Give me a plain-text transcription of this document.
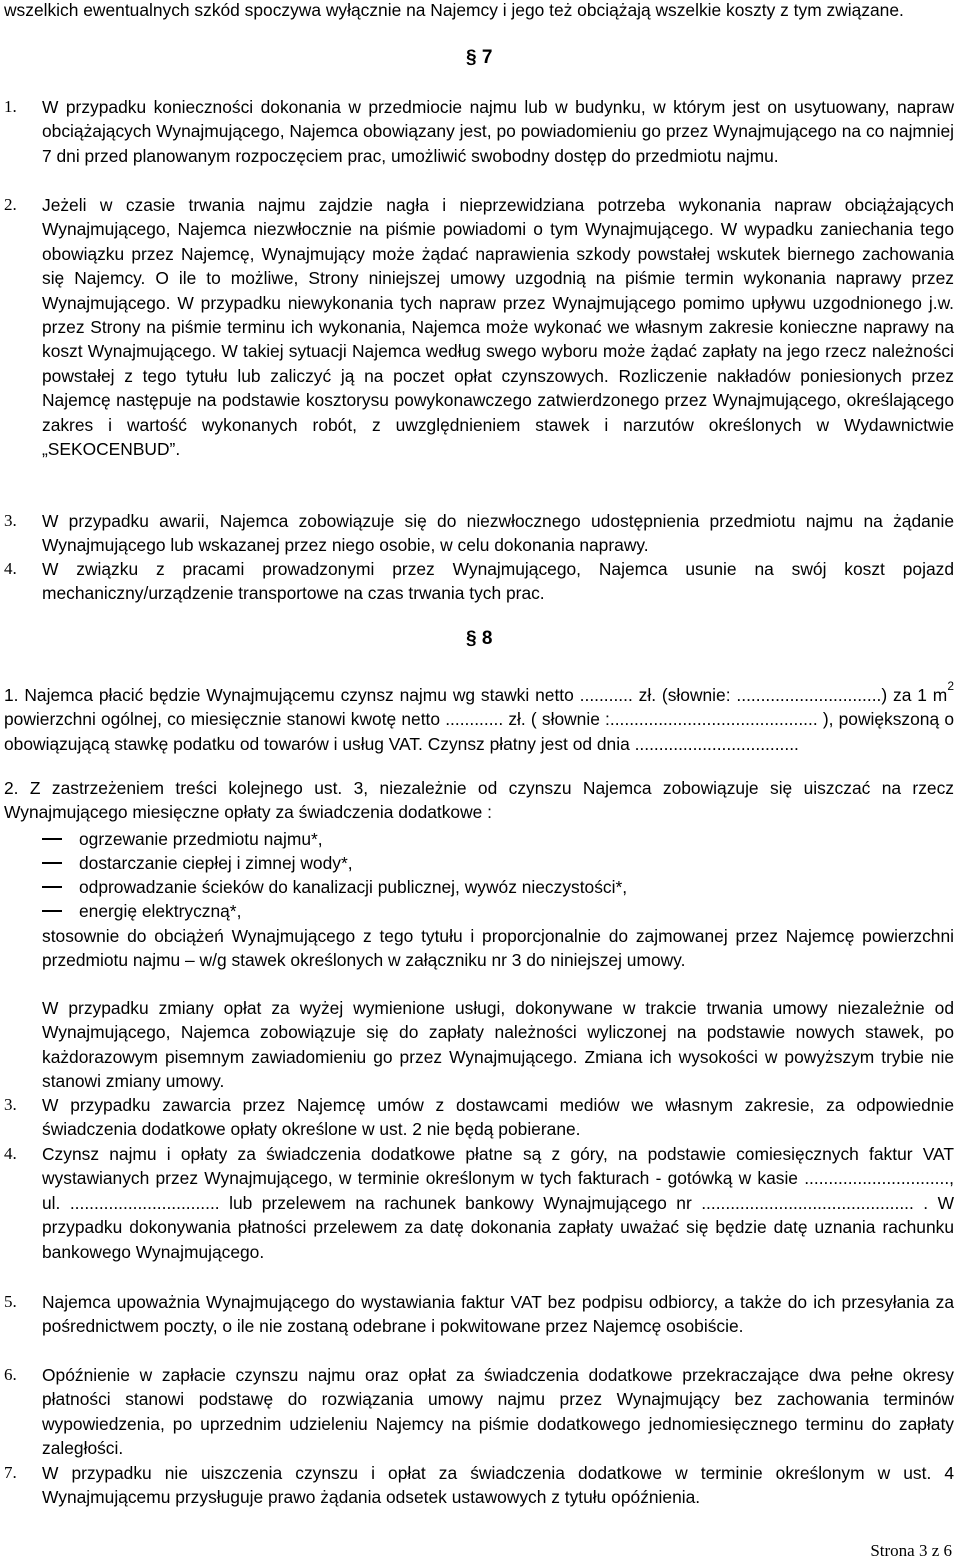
wszelkich ewentualnych szkód spoczywa wyłącznie na Najemcy i jego też obciążają wszelkie koszty z tym związane.

§ 7
1. W przypadku konieczności dokonania w przedmiocie najmu lub w budynku, w którym jest on usytuowany, napraw obciążających Wynajmującego, Najemca obowiązany jest, po powiadomieniu go przez Wynajmującego na co najmniej 7 dni przed planowanym rozpoczęciem prac, umożliwić swobodny dostęp do przedmiotu najmu.

2. Jeżeli w czasie trwania najmu zajdzie nagła i nieprzewidziana potrzeba wykonania napraw obciążających Wynajmującego, Najemca niezwłocznie na piśmie powiadomi o tym Wynajmującego. W wypadku zaniechania tego obowiązku przez Najemcę, Wynajmujący może żądać naprawienia szkody powstałej wskutek biernego zachowania się Najemcy. O ile to możliwe, Strony niniejszej umowy uzgodnią na piśmie termin wykonania naprawy przez Wynajmującego. W przypadku niewykonania tych napraw przez Wynajmującego pomimo upływu uzgodnionego j.w. przez Strony na piśmie terminu ich wykonania, Najemca może wykonać we własnym zakresie konieczne naprawy na koszt Wynajmującego. W takiej sytuacji Najemca według swego wyboru może żądać zapłaty na jego rzecz należności powstałej z tego tytułu lub zaliczyć ją na poczet opłat czynszowych. Rozliczenie nakładów poniesionych przez Najemcę następuje na podstawie kosztorysu powykonawczego zatwierdzonego przez Wynajmującego, określającego zakres i wartość wykonanych robót, z uwzględnieniem stawek i narzutów określonych w Wydawnictwie „SEKOCENBUD”.

3. W przypadku awarii, Najemca zobowiązuje się do niezwłocznego udostępnienia przedmiotu najmu na żądanie Wynajmującego lub wskazanej przez niego osobie, w celu dokonania naprawy.

4. W związku z pracami prowadzonymi przez Wynajmującego, Najemca usunie na swój koszt pojazd mechaniczny/urządzenie transportowe na czas trwania tych prac.

§ 8

1. Najemca płacić będzie Wynajmującemu czynsz najmu wg stawki netto ........... zł. (słownie: ..............................) za 1 $m^2$ powierzchni ogólnej, co miesięcznie stanowi kwotę netto ............ zł. ( słownie :........................................... ), powiększoną o obowiązującą stawkę podatku od towarów i usług VAT. Czynsz płatny jest od dnia ..................................

2. Z zastrzeżeniem treści kolejnego ust. 3, niezależnie od czynszu Najemca zobowiązuje się uiszczać na rzecz Wynajmującego miesięczne opłaty za świadczenia dodatkowe :

ogrzewanie przedmiotu najmu*,
dostarczanie ciepłej i zimnej wody*,
odprowadzanie ścieków do kanalizacji publicznej, wywóz nieczystości*,
energię elektryczną*,

stosownie do obciążeń Wynajmującego z tego tytułu i proporcjonalnie do zajmowanej przez Najemcę powierzchni przedmiotu najmu – w/g stawek określonych w załączniku nr 3 do niniejszej umowy.

W przypadku zmiany opłat za wyżej wymienione usługi, dokonywane w trakcie trwania umowy niezależnie od Wynajmującego, Najemca zobowiązuje się do zapłaty należności wyliczonej na podstawie nowych stawek, po każdorazowym pisemnym zawiadomieniu go przez Wynajmującego. Zmiana ich wysokości w powyższym trybie nie stanowi zmiany umowy.

3. W przypadku zawarcia przez Najemcę umów z dostawcami mediów we własnym zakresie, za odpowiednie świadczenia dodatkowe opłaty określone w ust. 2 nie będą pobierane.

4. Czynsz najmu i opłaty za świadczenia dodatkowe płatne są z góry, na podstawie comiesięcznych faktur VAT wystawianych przez Wynajmującego, w terminie określonym w tych fakturach - gotówką w kasie .............................., ul. ............................... lub przelewem na rachunek bankowy Wynajmującego nr ............................................ . W przypadku dokonywania płatności przelewem za datę dokonania zapłaty uważać się będzie datę uznania rachunku bankowego Wynajmującego.

5. Najemca upoważnia Wynajmującego do wystawiania faktur VAT bez podpisu odbiorcy, a także do ich przesyłania za pośrednictwem poczty, o ile nie zostaną odebrane i pokwitowane przez Najemcę osobiście.

6. Opóźnienie w zapłacie czynszu najmu oraz opłat za świadczenia dodatkowe przekraczające dwa pełne okresy płatności stanowi podstawę do rozwiązania umowy najmu przez Wynajmujący bez zachowania terminów wypowiedzenia, po uprzednim udzieleniu Najemcy na piśmie dodatkowego jednomiesięcznego terminu do zapłaty zaległości.

7. W przypadku nie uiszczenia czynszu i opłat za świadczenia dodatkowe w terminie określonym w ust. 4 Wynajmującemu przysługuje prawo żądania odsetek ustawowych z tytułu opóźnienia.

Strona 3 z 6
